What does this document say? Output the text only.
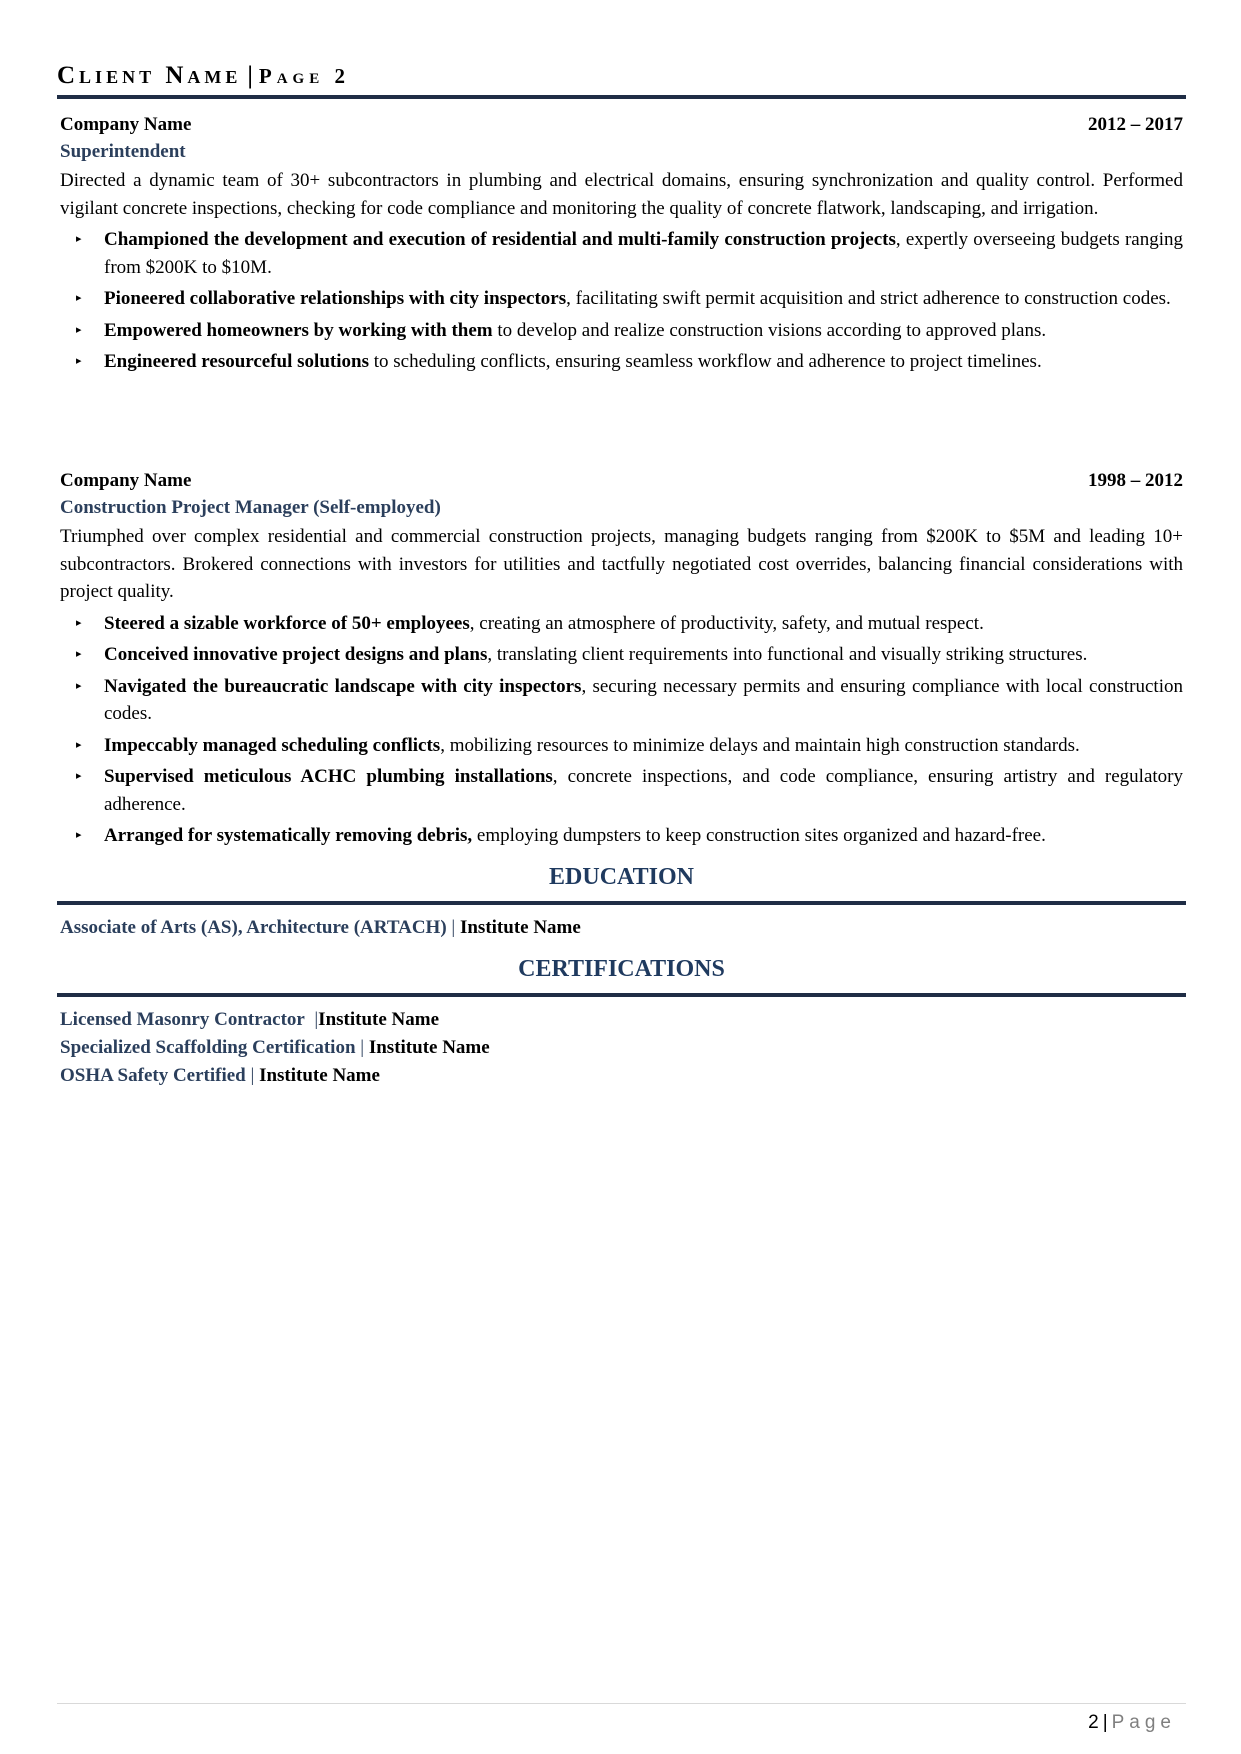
Client Name | Page 2
Company Name	2012 – 2017
Superintendent
Directed a dynamic team of 30+ subcontractors in plumbing and electrical domains, ensuring synchronization and quality control. Performed vigilant concrete inspections, checking for code compliance and monitoring the quality of concrete flatwork, landscaping, and irrigation.
▸ Championed the development and execution of residential and multi-family construction projects, expertly overseeing budgets ranging from $200K to $10M.
▸ Pioneered collaborative relationships with city inspectors, facilitating swift permit acquisition and strict adherence to construction codes.
▸ Empowered homeowners by working with them to develop and realize construction visions according to approved plans.
▸ Engineered resourceful solutions to scheduling conflicts, ensuring seamless workflow and adherence to project timelines.
Company Name	1998 – 2012
Construction Project Manager (Self-employed)
Triumphed over complex residential and commercial construction projects, managing budgets ranging from $200K to $5M and leading 10+ subcontractors. Brokered connections with investors for utilities and tactfully negotiated cost overrides, balancing financial considerations with project quality.
▸ Steered a sizable workforce of 50+ employees, creating an atmosphere of productivity, safety, and mutual respect.
▸ Conceived innovative project designs and plans, translating client requirements into functional and visually striking structures.
▸ Navigated the bureaucratic landscape with city inspectors, securing necessary permits and ensuring compliance with local construction codes.
▸ Impeccably managed scheduling conflicts, mobilizing resources to minimize delays and maintain high construction standards.
▸ Supervised meticulous ACHC plumbing installations, concrete inspections, and code compliance, ensuring artistry and regulatory adherence.
▸ Arranged for systematically removing debris, employing dumpsters to keep construction sites organized and hazard-free.
EDUCATION
Associate of Arts (AS), Architecture (ARTACH) | Institute Name
CERTIFICATIONS
Licensed Masonry Contractor  |Institute Name
Specialized Scaffolding Certification | Institute Name
OSHA Safety Certified | Institute Name
2 | Page
